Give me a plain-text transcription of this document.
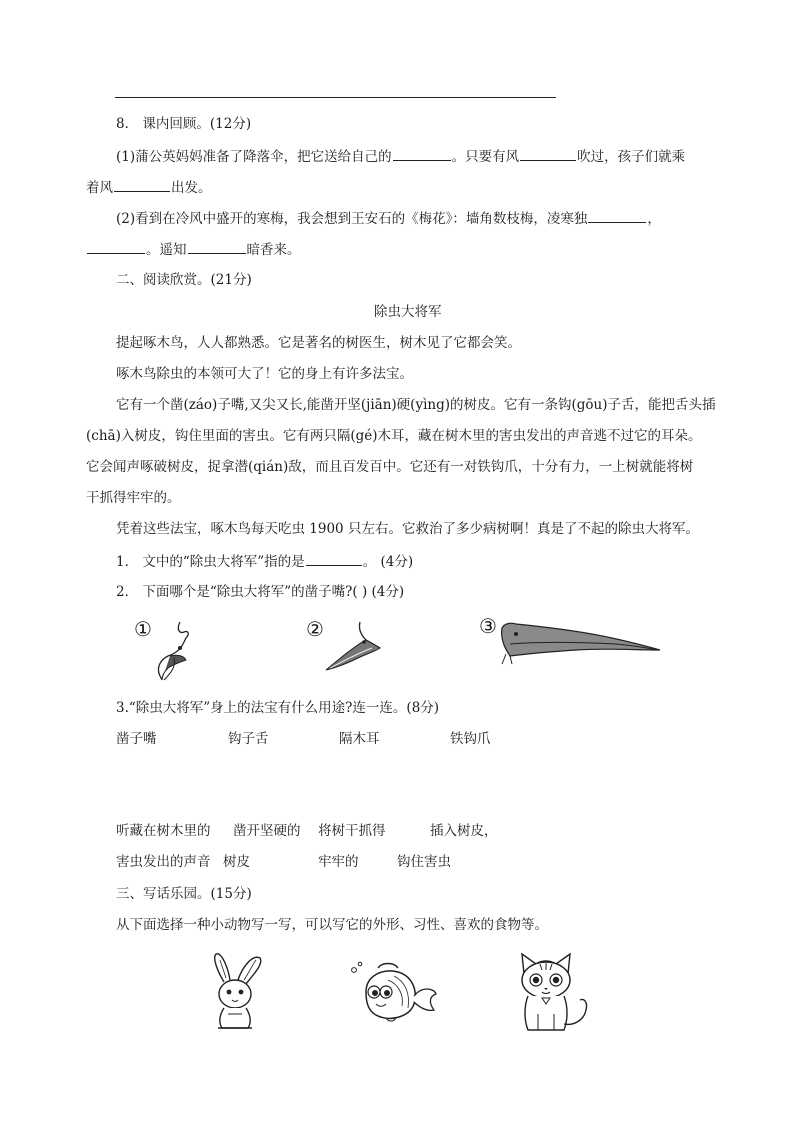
8． 课内回顾。(12分)
(1)蒲公英妈妈准备了降落伞，把它送给自己的	。只要有风	吹过，孩子们就乘
着风	出发。
(2)看到在冷风中盛开的寒梅，我会想到王安石的《梅花》：墙角数枝梅，凌寒独	，
。遥知	暗香来。
二、阅读欣赏。(21分)
除虫大将军
提起啄木鸟，人人都熟悉。它是著名的树医生，树木见了它都会笑。
啄木鸟除虫的本领可大了！它的身上有许多法宝。
它有一个凿(záo)子嘴,又尖又长,能凿开坚(jiān)硬(yìng)的树皮。它有一条钩(gōu)子舌，能把舌头插
(chā)入树皮，钩住里面的害虫。它有两只隔(gé)木耳，藏在树木里的害虫发出的声音逃不过它的耳朵。
它会闻声啄破树皮，捉拿潜(qián)敌，而且百发百中。它还有一对铁钩爪，十分有力，一上树就能将树
干抓得牢牢的。
凭着这些法宝，啄木鸟每天吃虫 1900 只左右。它救治了多少病树啊！真是了不起的除虫大将军。
1． 文中的“除虫大将军”指的是	。 (4分)
2． 下面哪个是“除虫大将军”的凿子嘴?( ) (4分)
①	②	③
3.“除虫大将军”身上的法宝有什么用途?连一连。(8分)
凿子嘴	钩子舌	隔木耳	铁钩爪
听藏在树木里的 凿开坚硬的 将树干抓得	插入树皮，
害虫发出的声音 树皮	牢牢的	钩住害虫
三、写话乐园。(15分)
从下面选择一种小动物写一写，可以写它的外形、习性、喜欢的食物等。
